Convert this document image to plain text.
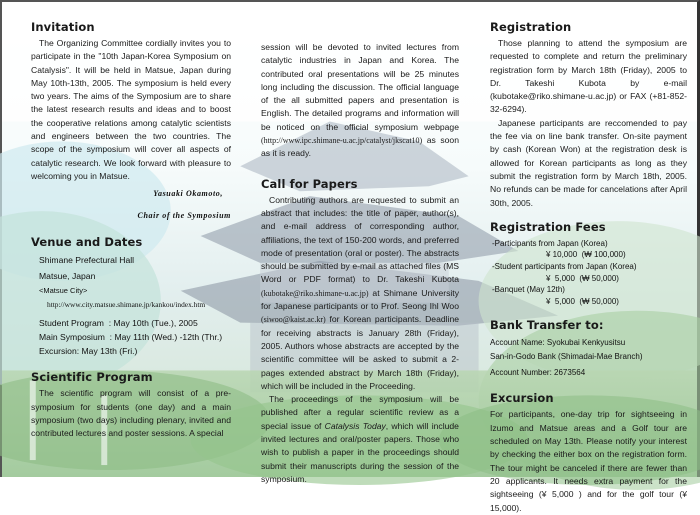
Invitation

The Organizing Committee cordially invites you to participate in the "10th Japan-Korea Symposium on Catalysis". It will be held in Matsue, Japan during May 10th-13th, 2005. The symposium is held every two years. The aims of the Symposium are to share the latest research results and ideas and to boost the cooperative relations among catalytic scientists and engineers between the two countries. The scope of the symposium will cover all aspects of catalytic research. We look forward with pleasure to welcoming you in Matsue.

Yasuaki Okamoto,

Chair of the Symposium

Venue and Dates

Shimane Prefectural Hall

Matsue, Japan

<Matsue City>

http://www.city.matsue.shimane.jp/kankou/index.htm

Student Program  : May 10th (Tue.), 2005

Main Symposium  : May 11th (Wed.) -12th (Thr.)

Excursion: May 13th (Fri.)

Scientific Program

The scientific program will consist of a pre-symposium for students (one day) and a main symposium (two days) including plenary, invited and contributed lectures and poster sessions. A special

session will be devoted to invited lectures from catalytic industries in Japan and Korea. The contributed oral presentations will be 25 minutes long including the discussion. The official language of the all submitted papers and presentation is English. The detailed programs and information will be noticed on the official symposium webpage (http://www.ipc.shimane-u.ac.jp/catalyst/jkscat10) as soon as it is ready.

Call for Papers

Contributing authors are requested to submit an abstract that includes: the title of paper, author(s), and e-mail address of corresponding author, affiliations, the text of 150-200 words, and preferred mode of presentation (oral or poster). The abstracts should be submitted by e-mail as attached files (MS Word or PDF format) to Dr. Takeshi Kubota (kubotake@riko.shimane-u.ac.jp) at Shimane University for Japanese participants or to Prof. Seong Ihl Woo (siwoo@kaist.ac.kr) for Korean participants. Deadline for receiving abstracts is January 28th (Friday), 2005. Authors whose abstracts are accepted by the scientific committee will be asked to submit a 2-pages extended abstract by March 18th (Friday), which will be included in the Proceeding.

The proceedings of the symposium will be published after a regular scientific review as a special issue of Catalysis Today, which will include invited lectures and oral/poster papers. Those who wish to publish a paper in the proceedings should submit their manuscripts during the session of the symposium.

Registration

Those planning to attend the symposium are requested to complete and return the preliminary registration form by March 18th (Friday), 2005 to Dr. Takeshi Kubota by e-mail (kubotake@riko.shimane-u.ac.jp) or FAX (+81-852-32-6294).

Japanese participants are reccomended to pay the fee via on line bank transfer. On-site payment by cash (Korean Won) at the registration desk is allowed for Korean participants as long as they submit the registration form by March 18th, 2005. No refunds can be made for cancelations after April 30th, 2005.

Registration Fees

-Participants from Japan (Korea)

¥ 10,000  (₩ 100,000)

-Student participants from Japan (Korea)

¥  5,000  (₩ 50,000)

-Banquet (May 12th)

¥  5,000  (₩ 50,000)

Bank Transfer to:

Account Name: Syokubai Kenkyusitsu

San-in-Godo Bank (Shimadai-Mae Branch)

Account Number: 2673564

Excursion

For participants, one-day trip for sightseeing in Izumo and Matsue areas and a Golf tour are scheduled on May 13th. Please notify your interest by checking the either box on the registration form. The tour might be canceled if there are fewer than 20 applicants. It needs extra payment for the sightseeing (¥ 5,000 ) and for the golf tour (¥ 15,000).
